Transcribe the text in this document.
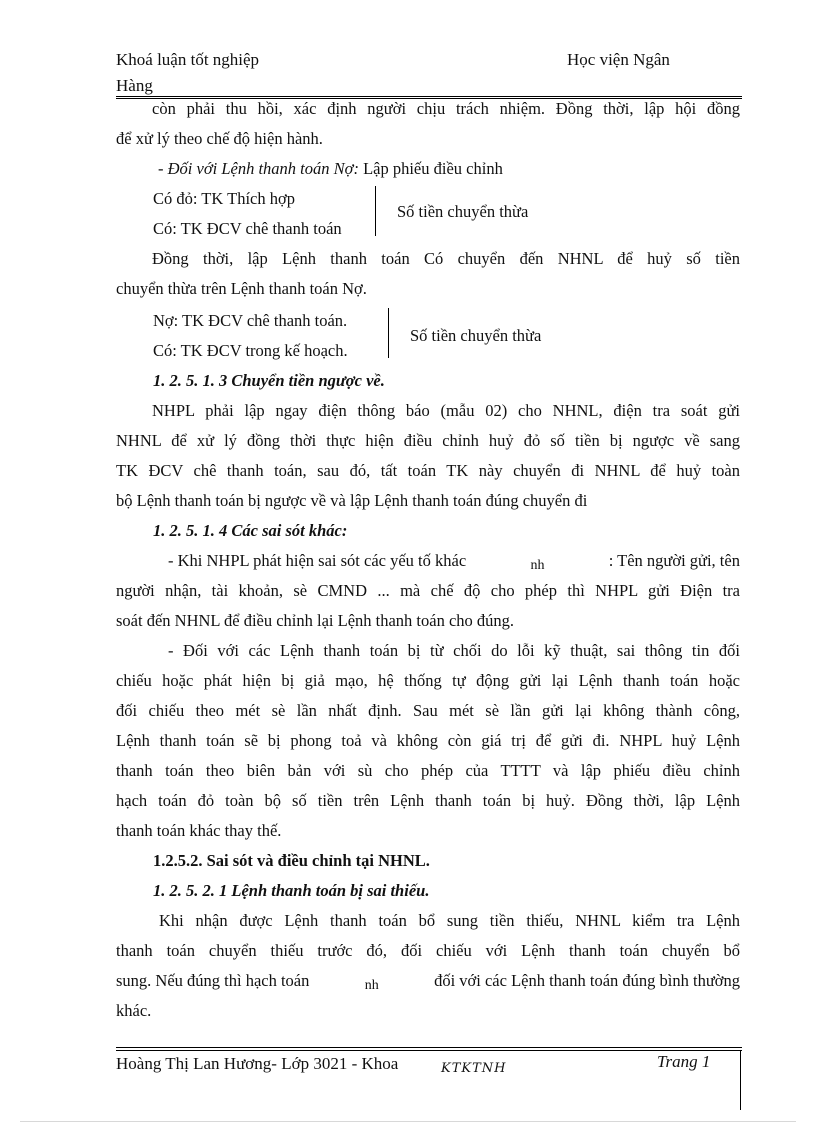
Khoá luận tốt nghiệp
Hàng
Học viện Ngân
còn phải thu hồi, xác định người chịu trách nhiệm. Đồng thời, lập hội đồng
để xử lý theo chế độ hiện hành.
- Đối với Lệnh thanh toán Nợ: Lập phiếu điều chỉnh
Có đỏ: TK Thích hợp
Có: TK ĐCV chê thanh toán
Số tiền chuyển thừa
Đồng thời, lập Lệnh thanh toán Có chuyển đến NHNL để huỷ số tiền
chuyển thừa trên Lệnh thanh toán Nợ.
Nợ: TK ĐCV chê thanh toán.
Có: TK ĐCV trong kế hoạch.
Số tiền chuyển thừa
1. 2. 5. 1. 3 Chuyển tiền ngược về.
NHPL phải lập ngay điện thông báo (mẫu 02) cho NHNL, điện tra soát gửi
NHNL để xử lý đồng thời thực hiện điều chỉnh huỷ đỏ số tiền bị ngược về sang
TK ĐCV chê thanh toán, sau đó, tất toán TK này chuyển đi NHNL để huỷ toàn
bộ Lệnh thanh toán bị ngược về và lập Lệnh thanh toán đúng chuyển đi
1. 2. 5. 1. 4 Các sai sót khác:
- Khi NHPL phát hiện sai sót các yếu tố khác	nh	: Tên người gửi, tên
người nhận, tài khoản, sè CMND ... mà chế độ cho phép thì NHPL gửi Điện tra
soát đến NHNL để điều chỉnh lại Lệnh thanh toán cho đúng.
- Đối với các Lệnh thanh toán bị từ chối do lỗi kỹ thuật, sai thông tin đối
chiếu hoặc phát hiện bị giả mạo, hệ thống tự động gửi lại Lệnh thanh toán hoặc
đối chiếu theo mét sè lần nhất định. Sau mét sè lần gửi lại không thành công,
Lệnh thanh toán sẽ bị phong toả và không còn giá trị để gửi đi. NHPL huỷ Lệnh
thanh toán theo biên bản với sù cho phép của TTTT và lập phiếu điều chỉnh
hạch toán đỏ toàn bộ số tiền trên Lệnh thanh toán bị huỷ. Đồng thời, lập Lệnh
thanh toán khác thay thế.
1.2.5.2. Sai sót và điều chỉnh tại NHNL.
1. 2. 5. 2. 1 Lệnh thanh toán bị sai thiếu.
Khi nhận được Lệnh thanh toán bổ sung tiền thiếu, NHNL kiểm tra Lệnh
thanh toán chuyển thiếu trước đó, đối chiếu với Lệnh thanh toán chuyển bổ
sung. Nếu đúng thì hạch toán	nh	đối với các Lệnh thanh toán đúng bình thường
khác.
Hoàng Thị Lan Hương- Lớp 3021 - Khoa	KTKTNH	Trang 1
